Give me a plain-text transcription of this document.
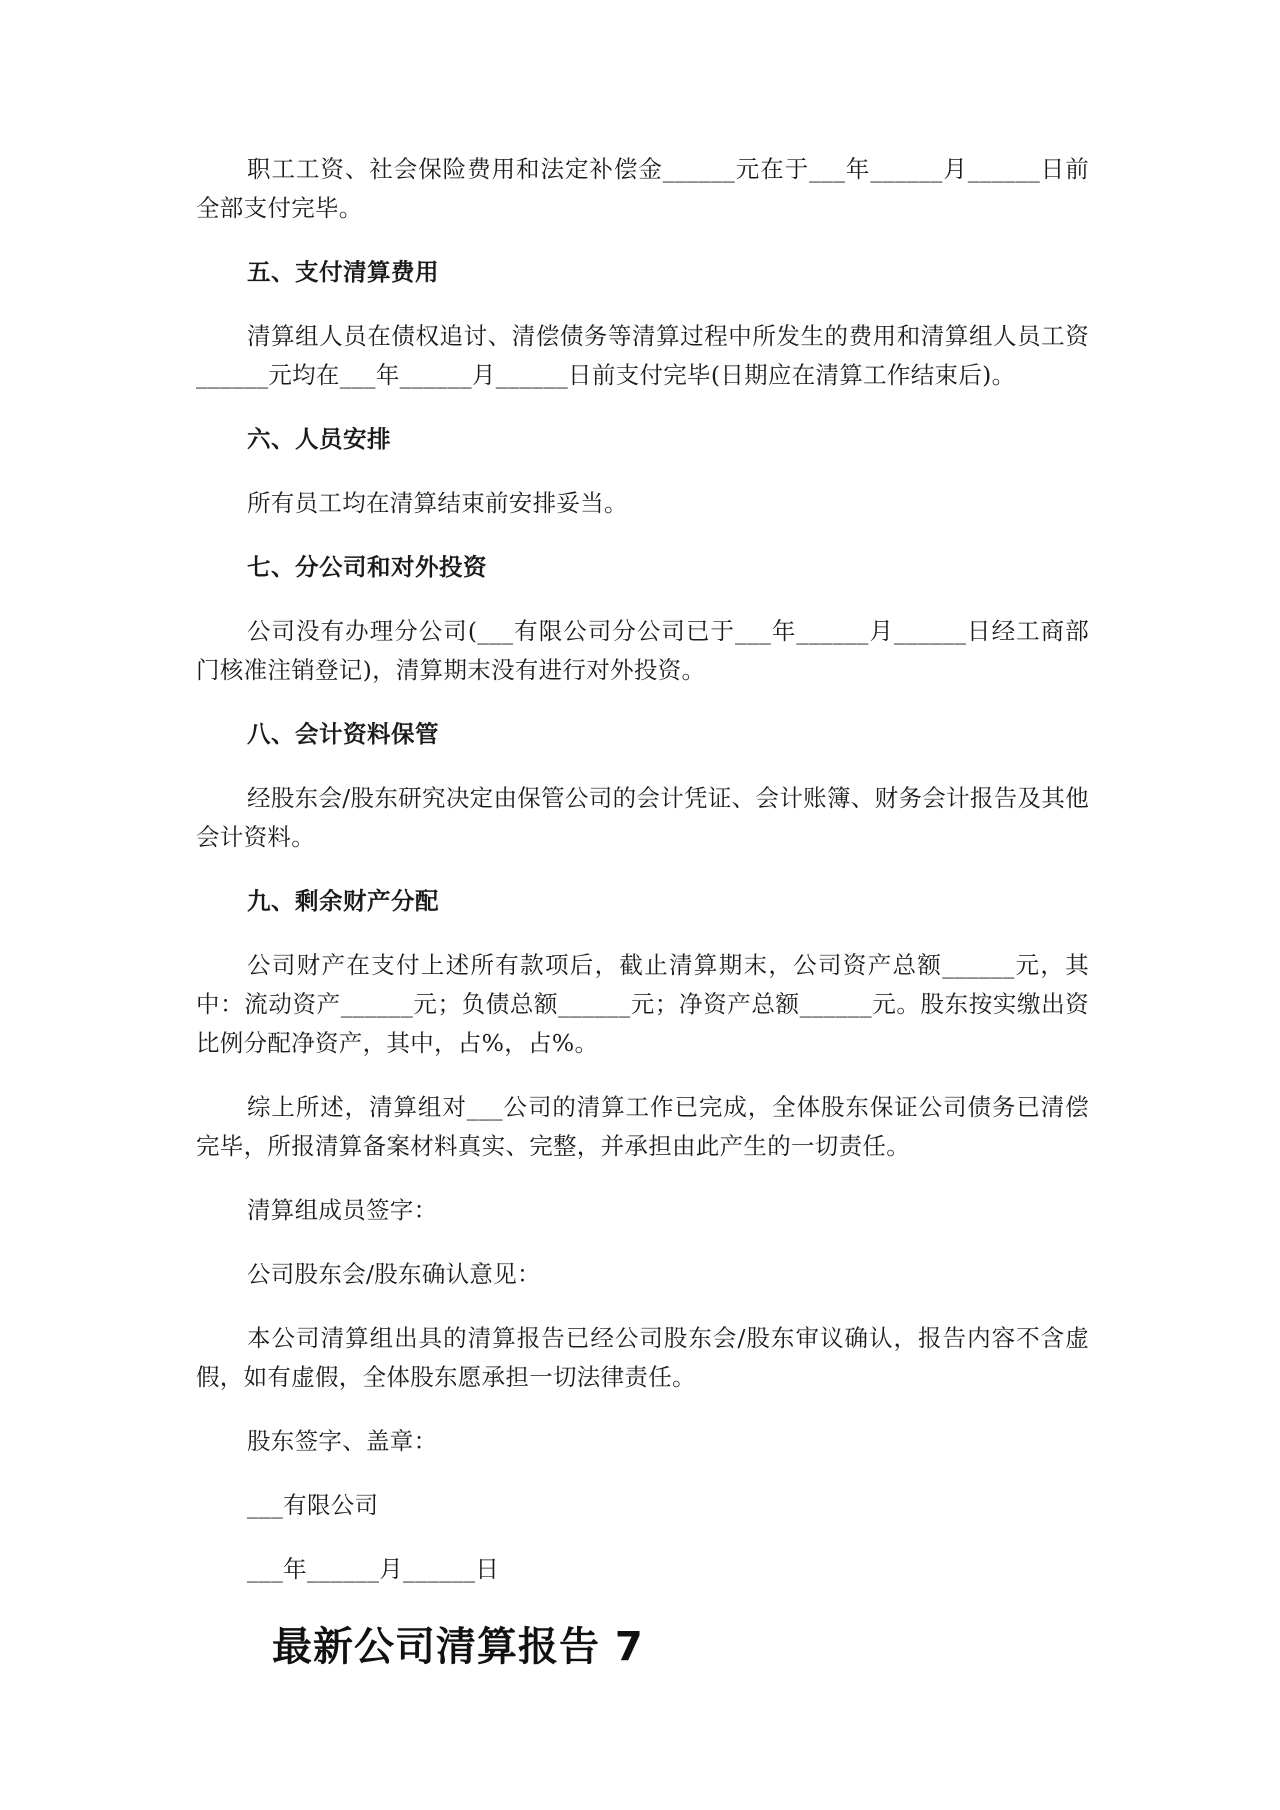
职工工资、社会保险费用和法定补偿金______元在于___年______月______日前全部支付完毕。

五、支付清算费用

清算组人员在债权追讨、清偿债务等清算过程中所发生的费用和清算组人员工资______元均在___年______月______日前支付完毕(日期应在清算工作结束后)。

六、人员安排

所有员工均在清算结束前安排妥当。

七、分公司和对外投资

公司没有办理分公司(___有限公司分公司已于___年______月______日经工商部门核准注销登记)，清算期末没有进行对外投资。

八、会计资料保管

经股东会/股东研究决定由保管公司的会计凭证、会计账簿、财务会计报告及其他会计资料。

九、剩余财产分配

公司财产在支付上述所有款项后，截止清算期末，公司资产总额______元，其中：流动资产______元；负债总额______元；净资产总额______元。股东按实缴出资比例分配净资产，其中，占%，占%。

综上所述，清算组对___公司的清算工作已完成，全体股东保证公司债务已清偿完毕，所报清算备案材料真实、完整，并承担由此产生的一切责任。

清算组成员签字：

公司股东会/股东确认意见：

本公司清算组出具的清算报告已经公司股东会/股东审议确认，报告内容不含虚假，如有虚假，全体股东愿承担一切法律责任。

股东签字、盖章：

___有限公司

___年______月______日

最新公司清算报告 7
